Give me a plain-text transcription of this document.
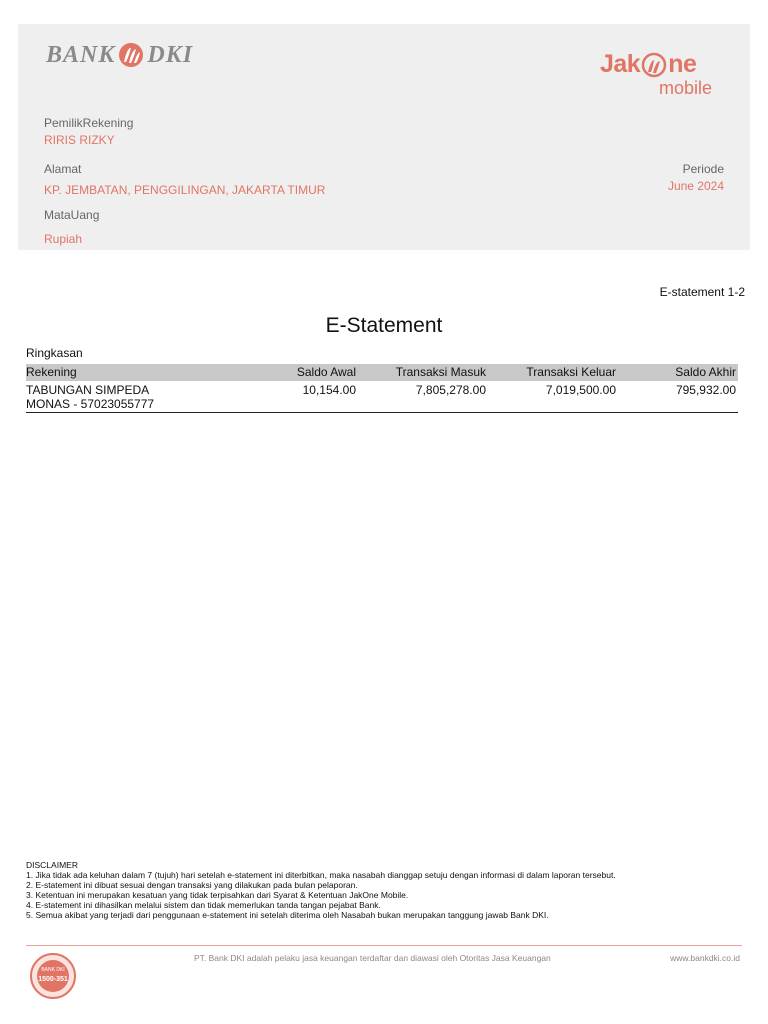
BANK DKI	Jak ne
mobile
PemilikRekening
RIRIS RIZKY
Alamat
KP. JEMBATAN, PENGGILINGAN, JAKARTA TIMUR
MataUang
Rupiah
Periode
June 2024
E-statement 1-2
E-Statement
Ringkasan
Rekening	Saldo Awal	Transaksi Masuk	Transaksi Keluar	Saldo Akhir
TABUNGAN SIMPEDA MONAS - 57023055777	10,154.00	7,805,278.00	7,019,500.00	795,932.00
DISCLAIMER
1. Jika tidak ada keluhan dalam 7 (tujuh) hari setelah e-statement ini diterbitkan, maka nasabah dianggap setuju dengan informasi di dalam laporan tersebut.
2. E-statement ini dibuat sesuai dengan transaksi yang dilakukan pada bulan pelaporan.
3. Ketentuan ini merupakan kesatuan yang tidak terpisahkan dari Syarat & Ketentuan JakOne Mobile.
4. E-statement ini dihasilkan melalui sistem dan tidak memerlukan tanda tangan pejabat Bank.
5. Semua akibat yang terjadi dari penggunaan e-statement ini setelah diterima oleh Nasabah bukan merupakan tanggung jawab Bank DKI.
BANK DKI
1500-351
PT. Bank DKI adalah pelaku jasa keuangan terdaftar dan diawasi oleh Otoritas Jasa Keuangan	www.bankdki.co.id
